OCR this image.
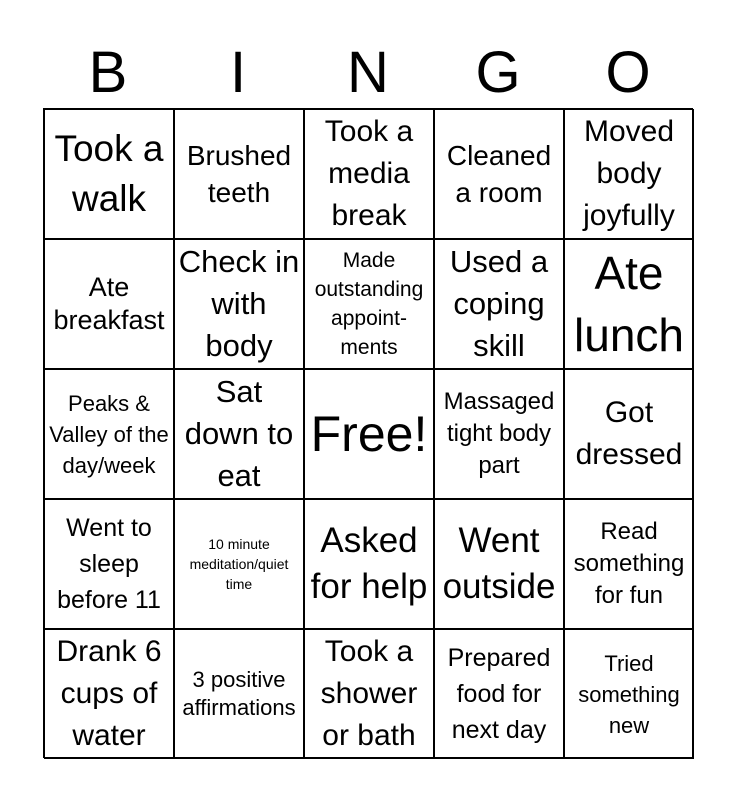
B	I	N	G	O
Took a walk
Brushed teeth
Took a media break
Cleaned a room
Moved body joyfully
Ate breakfast
Check in with body
Made outstanding appoint-ments
Used a coping skill
Ate lunch
Peaks & Valley of the day/week
Sat down to eat
Free!
Massaged tight body part
Got dressed
Went to sleep before 11
10 minute meditation/quiet time
Asked for help
Went outside
Read something for fun
Drank 6 cups of water
3 positive affirmations
Took a shower or bath
Prepared food for next day
Tried something new
